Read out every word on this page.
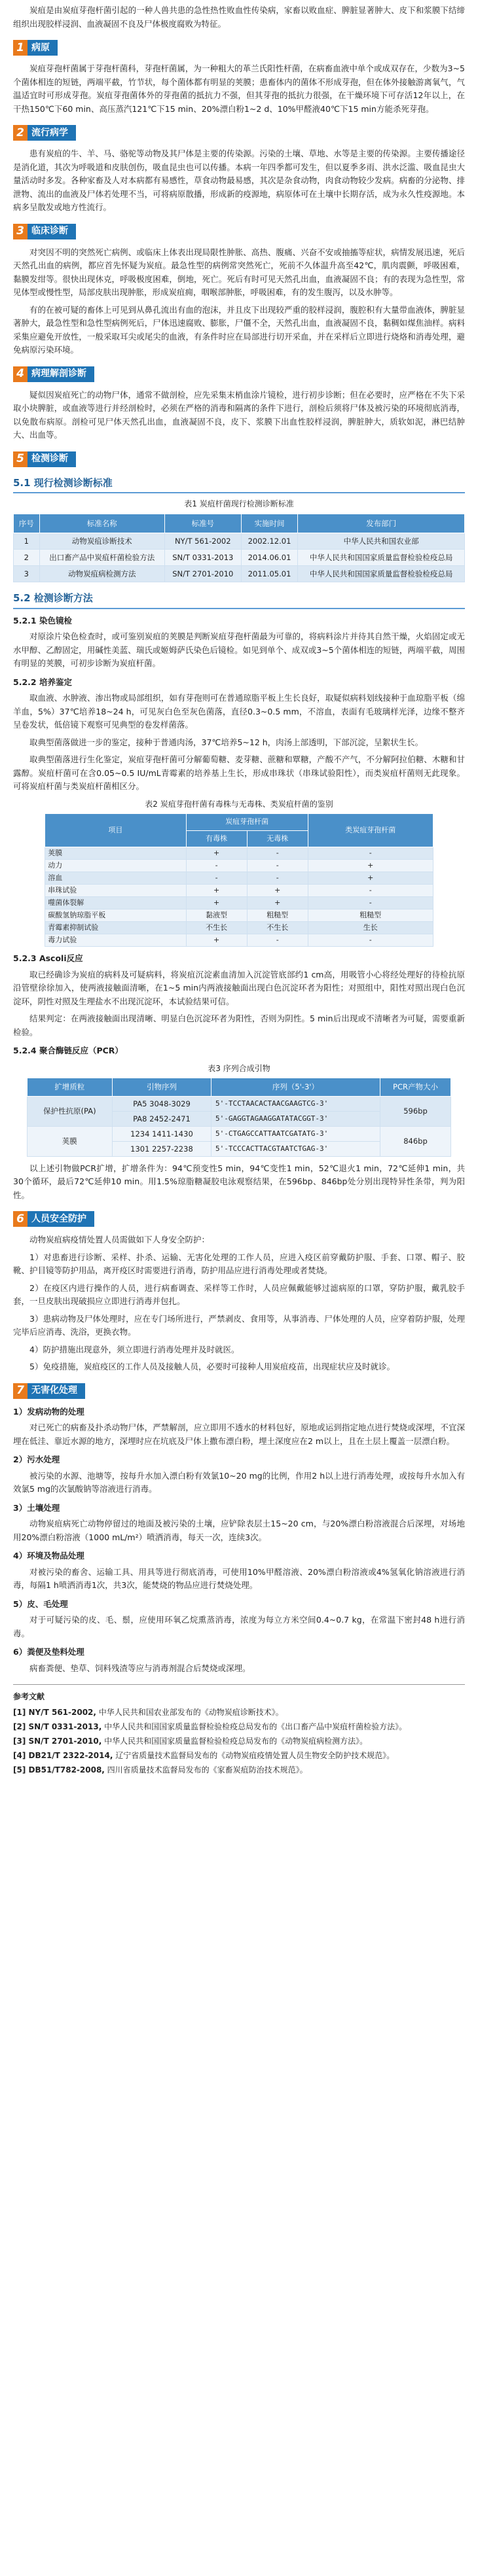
炭疽是由炭疽芽孢杆菌引起的一种人兽共患的急性热性败血性传染病，家畜以败血症、脾脏显著肿大、皮下和浆膜下结缔组织出现胶样浸润、血液凝固不良及尸体极度腐败为特征。

1 病原

炭疽芽孢杆菌属于芽孢杆菌科，芽孢杆菌属，为一种粗大的革兰氏阳性杆菌，在病畜血液中单个或成双存在，少数为3~5个菌体相连的短链，两端平截，竹节状，每个菌体都有明显的荚膜；患畜体内的菌体不形成芽孢，但在体外接触游离氧气，气温适宜时可形成芽孢。炭疽芽孢菌体外的芽孢菌的抵抗力不强，但其芽孢的抵抗力很强，在干燥环境下可存活12年以上，在干热150℃下60 min、高压蒸汽121℃下15 min、20%漂白粉1~2 d、10%甲醛液40℃下15 min方能杀死芽孢。

2 流行病学

患有炭疽的牛、羊、马、骆驼等动物及其尸体是主要的传染源。污染的土壤、草地、水等是主要的传染源。主要传播途径是消化道，其次为呼吸道和皮肤创伤，吸血昆虫也可以传播。本病一年四季都可发生，但以夏季多雨、洪水泛滥、吸血昆虫大量活动时多发。各种家畜及人对本病都有易感性，草食动物最易感，其次是杂食动物，肉食动物较少发病。病畜的分泌物、排泄物、流出的血液及尸体若处理不当，可将病原散播，形成新的疫源地，病原体可在土壤中长期存活，成为永久性疫源地。本病多呈散发或地方性流行。

3 临床诊断

对突因不明的突然死亡病例、或临床上体表出现局限性肿胀、高热、腹痛、兴奋不安或抽搐等症状，病情发展迅速，死后天然孔出血的病例，都应首先怀疑为炭疽。最急性型的病例常突然死亡，死前不久体温升高至42℃，肌肉震颤，呼吸困难，黏膜发绀等。很快出现休克，呼吸极度困难，倒地，死亡。死后有时可见天然孔出血，血液凝固不良；有的表现为急性型，常见体型或慢性型，局部皮肤出现肿胀，形成炭疽痈，咽喉部肿胀，呼吸困难，有的发生腹泻，以及水肿等。

有的在被可疑的畜体上可见到从鼻孔流出有血的泡沫，并且皮下出现较严重的胶样浸润，腹腔积有大量带血液体，脾脏显著肿大，最急性型和急性型病例死后，尸体迅速腐败、膨胀，尸僵不全，天然孔出血，血液凝固不良，黏稠如煤焦油样。病料采集应避免开放性，一般采取耳尖或尾尖的血液，有条件时应在局部进行切开采血，并在采样后立即进行烧烙和消毒处理，避免病原污染环境。

4 病理解剖诊断

疑似因炭疽死亡的动物尸体，通常不做剖检，应先采集末梢血涂片镜检，进行初步诊断；但在必要时，应严格在不失下采取小块脾脏，或血液等进行并经剖检时，必须在严格的消毒和隔离的条件下进行，剖检后须将尸体及被污染的环境彻底消毒，以免散布病原。剖检可见尸体天然孔出血，血液凝固不良，皮下、浆膜下出血性胶样浸润，脾脏肿大，质软如泥，淋巴结肿大、出血等。

5 检测诊断
5.1 现行检测诊断标准
表1 炭疽杆菌现行检测诊断标准
序号	标准名称	标准号	实施时间	发布部门
1	动物炭疽诊断技术	NY/T 561-2002	2002.12.01	中华人民共和国农业部
2	出口畜产品中炭疽杆菌检验方法	SN/T 0331-2013	2014.06.01	中华人民共和国国家质量监督检验检疫总局
3	动物炭疽病检测方法	SN/T 2701-2010	2011.05.01	中华人民共和国国家质量监督检验检疫总局
5.2 检测诊断方法
5.2.1 染色镜检

对原涂片染色检查时，或可鉴别炭疽的荚膜是判断炭疽芽孢杆菌最为可靠的，将病料涂片并待其自然干燥，火焰固定或无水甲醇、乙醇固定，用碱性美蓝、瑞氏或姬姆萨氏染色后镜检。如见到单个、成双或3~5个菌体相连的短链，两端平截，周围有明显的荚膜，可初步诊断为炭疽杆菌。

5.2.2 培养鉴定

取血液、水肿液、渗出物或局部组织，如有芽孢则可在普通琼脂平板上生长良好，取疑似病料划线接种于血琼脂平板（绵羊血，5%）37℃培养18~24 h，可见灰白色至灰色菌落，直径0.3~0.5 mm，不溶血，表面有毛玻璃样光泽，边缘不整齐呈卷发状，低倍镜下观察可见典型的卷发样菌落。

取典型菌落做进一步的鉴定，接种于普通肉汤，37℃培养5~12 h，肉汤上部透明，下部沉淀，呈絮状生长。

取典型菌落进行生化鉴定，炭疽芽孢杆菌可分解葡萄糖、麦芽糖、蔗糖和覃糖，产酸不产气，不分解阿拉伯糖、木糖和甘露醇。炭疽杆菌可在含0.05~0.5 IU/mL青霉素的培养基上生长，形成串珠状（串珠试验阳性），而类炭疽杆菌则无此现象。可将炭疽杆菌与类炭疽杆菌相区分。

表2 炭疽芽孢杆菌有毒株与无毒株、类炭疽杆菌的鉴别
项目	炭疽芽孢杆菌		类炭疽芽孢杆菌
	有毒株	无毒株	
荚膜	+	-	-
动力	-	-	+
溶血	-	-	+
串珠试验	+	+	-
噬菌体裂解	+	+	-
碳酸氢钠琼脂平板	黏液型	粗糙型	粗糙型
青霉素抑制试验	不生长	不生长	生长
毒力试验	+	-	-
5.2.3 Ascoli反应

取已经确诊为炭疽的病料及可疑病料，将炭疽沉淀素血清加入沉淀管底部约1 cm高，用吸管小心将经处理好的待检抗原沿管壁徐徐加入，使两液接触面清晰，在1~5 min内两液接触面出现白色沉淀环者为阳性；对照组中，阳性对照出现白色沉淀环，阴性对照及生理盐水不出现沉淀环，本试验结果可信。

结果判定：在两液接触面出现清晰、明显白色沉淀环者为阳性，否则为阴性。5 min后出现或不清晰者为可疑，需要重新检验。

5.2.4 聚合酶链反应（PCR）
表3 序列合成引物
扩增质粒	引物序列	序列（5'-3'）	PCR产物大小
保护性抗原(PA)	PA5 3048-3029	5'-TCCTAACACTAACGAAGTCG-3'	596bp
	PA8 2452-2471	5'-GAGGTAGAAGGATATACGGT-3'	
荚膜	1234 1411-1430	5'-CTGAGCCATTAATCGATATG-3'	846bp
	1301 2257-2238	5'-TCCCACTTACGTAATCTGAG-3'	

以上述引物做PCR扩增，扩增条件为：94℃预变性5 min，94℃变性1 min，52℃退火1 min，72℃延伸1 min，共30个循环，最后72℃延伸10 min。用1.5%琼脂糖凝胶电泳观察结果，在596bp、846bp处分别出现特异性条带，判为阳性。

6 人员安全防护

动物炭疽病疫情处置人员需做如下人身安全防护：

1）对患畜进行诊断、采样、扑杀、运输、无害化处理的工作人员，应进入疫区前穿戴防护服、手套、口罩、帽子、胶靴、护目镜等防护用品，离开疫区时需要进行消毒，防护用品应进行消毒处理或者焚烧。

2）在疫区内进行操作的人员，进行病畜调查、采样等工作时，人员应佩戴能够过滤病原的口罩，穿防护服，戴乳胶手套，一旦皮肤出现破损应立即进行消毒并包扎。

3）患病动物及尸体处理时，应在专门场所进行，严禁剥皮、食用等，从事消毒、尸体处理的人员，应穿着防护服，处理完毕后应消毒、洗浴，更换衣物。

4）防护措施出现意外，须立即进行消毒处理并及时就医。

5）免疫措施，炭疽疫区的工作人员及接触人员，必要时可接种人用炭疽疫苗，出现症状应及时就诊。

7 无害化处理
1）发病动物的处理

对已死亡的病畜及扑杀动物尸体，严禁解剖，应立即用不透水的材料包好，原地或运到指定地点进行焚烧或深埋，不宜深埋在低洼、靠近水源的地方，深埋时应在坑底及尸体上撒布漂白粉，埋土深度应在2 m以上，且在土层上覆盖一层漂白粉。

2）污水处理

被污染的水源、池塘等，按每升水加入漂白粉有效氯10~20 mg的比例，作用2 h以上进行消毒处理，或按每升水加入有效氯5 mg的次氯酸钠等溶液进行消毒。

3）土壤处理

动物炭疽病死亡动物停留过的地面及被污染的土壤，应铲除表层土15~20 cm，与20%漂白粉溶液混合后深埋，对场地用20%漂白粉溶液（1000 mL/m²）喷洒消毒，每天一次，连续3次。

4）环境及物品处理

对被污染的畜舍、运输工具、用具等进行彻底消毒，可使用10%甲醛溶液、20%漂白粉溶液或4%氢氧化钠溶液进行消毒，每隔1 h喷洒消毒1次，共3次，能焚烧的物品应进行焚烧处理。

5）皮、毛处理

对于可疑污染的皮、毛、鬃，应使用环氧乙烷熏蒸消毒，浓度为每立方米空间0.4~0.7 kg，在常温下密封48 h进行消毒。

6）粪便及垫料处理

病畜粪便、垫草、饲料残渣等应与消毒剂混合后焚烧或深埋。

参考文献
[1] NY/T 561-2002, 中华人民共和国农业部发布的《动物炭疽诊断技术》。
[2] SN/T 0331-2013, 中华人民共和国国家质量监督检验检疫总局发布的《出口畜产品中炭疽杆菌检验方法》。
[3] SN/T 2701-2010, 中华人民共和国国家质量监督检验检疫总局发布的《动物炭疽病检测方法》。
[4] DB21/T 2322-2014, 辽宁省质量技术监督局发布的《动物炭疽疫情处置人员生物安全防护技术规范》。
[5] DB51/T782-2008, 四川省质量技术监督局发布的《家畜炭疽防治技术规范》。
